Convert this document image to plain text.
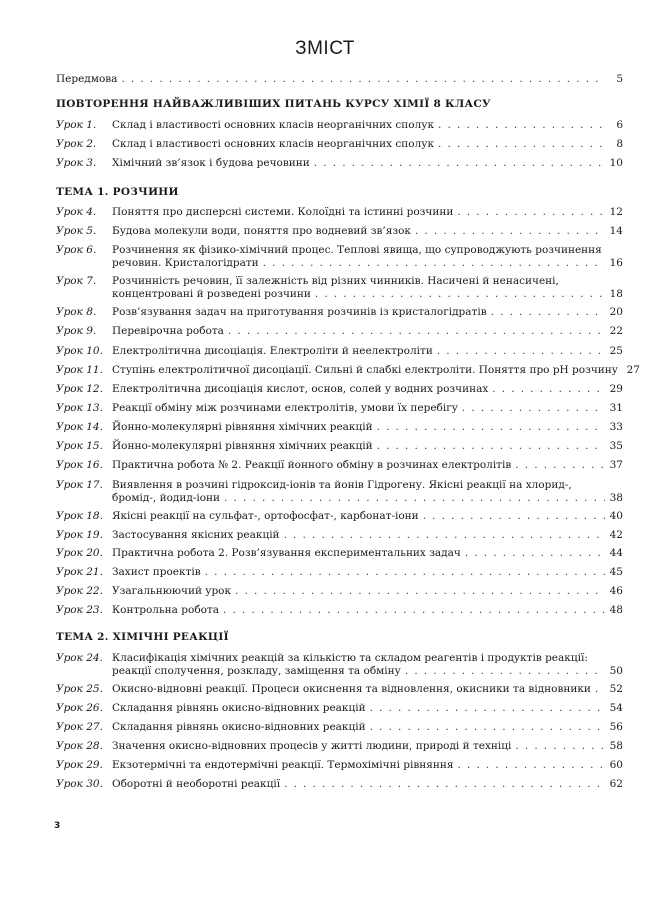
ЗМІСТ
Передмова . . .	5
ПОВТОРЕННЯ НАЙВАЖЛИВІШИХ ПИТАНЬ КУРСУ ХІМІЇ 8 КЛАСУ
Урок 1.	Склад і властивості основних класів неорганічних сполук . . .	6
Урок 2.	Склад і властивості основних класів неорганічних сполук . . .	8
Урок 3.	Хімічний зв’язок і будова речовини . . .	10
ТЕМА 1. РОЗЧИНИ
Урок 4.	Поняття про дисперсні системи. Колоїдні та істинні розчини . . .	12
Урок 5.	Будова молекули води, поняття про водневий зв’язок . . .	14
Урок 6.	Розчинення як фізико-хімічний процес. Теплові явища, що супроводжують розчинення
речовин. Кристалогідрати . . .	16
Урок 7.	Розчинність речовин, її залежність від різних чинників. Насичені й ненасичені,
концентровані й розведені розчини . . .	18
Урок 8.	Розв’язування задач на приготування розчинів із кристалогідратів . . .	20
Урок 9.	Перевірочна робота . . .	22
Урок 10. Електролітична дисоціація. Електроліти й неелектроліти . . .	25
Урок 11. Ступінь електролітичної дисоціації. Сильні й слабкі електроліти. Поняття про pH розчину 27
Урок 12. Електролітична дисоціація кислот, основ, солей у водних розчинах . . .	29
Урок 13. Реакції обміну між розчинами електролітів, умови їх перебігу . . .	31
Урок 14. Йонно-молекулярні рівняння хімічних реакцій . . .	33
Урок 15. Йонно-молекулярні рівняння хімічних реакцій . . .	35
Урок 16. Практична робота № 2. Реакції йонного обміну в розчинах електролітів . . .	37
Урок 17. Виявлення в розчині гідроксид-іонів та йонів Гідрогену. Якісні реакції на хлорид-,
бромід-, йодид-іони . . .	38
Урок 18. Якісні реакції на сульфат-, ортофосфат-, карбонат-іони . . .	40
Урок 19. Застосування якісних реакцій . . .	42
Урок 20. Практична робота 2. Розв’язування експериментальних задач . . .	44
Урок 21. Захист проектів . . .	45
Урок 22. Узагальнюючий урок . . .	46
Урок 23. Контрольна робота . . .	48
ТЕМА 2. ХІМІЧНІ РЕАКЦІЇ
Урок 24. Класифікація хімічних реакцій за кількістю та складом реагентів і продуктів реакції:
реакції сполучення, розкладу, заміщення та обміну . . .	50
Урок 25. Окисно-відновні реакції. Процеси окиснення та відновлення, окисники та відновники . . . 52
Урок 26. Складання рівнянь окисно-відновних реакцій . . .	54
Урок 27. Складання рівнянь окисно-відновних реакцій . . .	56
Урок 28. Значення окисно-відновних процесів у житті людини, природі й техніці . . .	58
Урок 29. Екзотермічні та ендотермічні реакції. Термохімічні рівняння . . .	60
Урок 30. Оборотні й необоротні реакції . . .	62
3
